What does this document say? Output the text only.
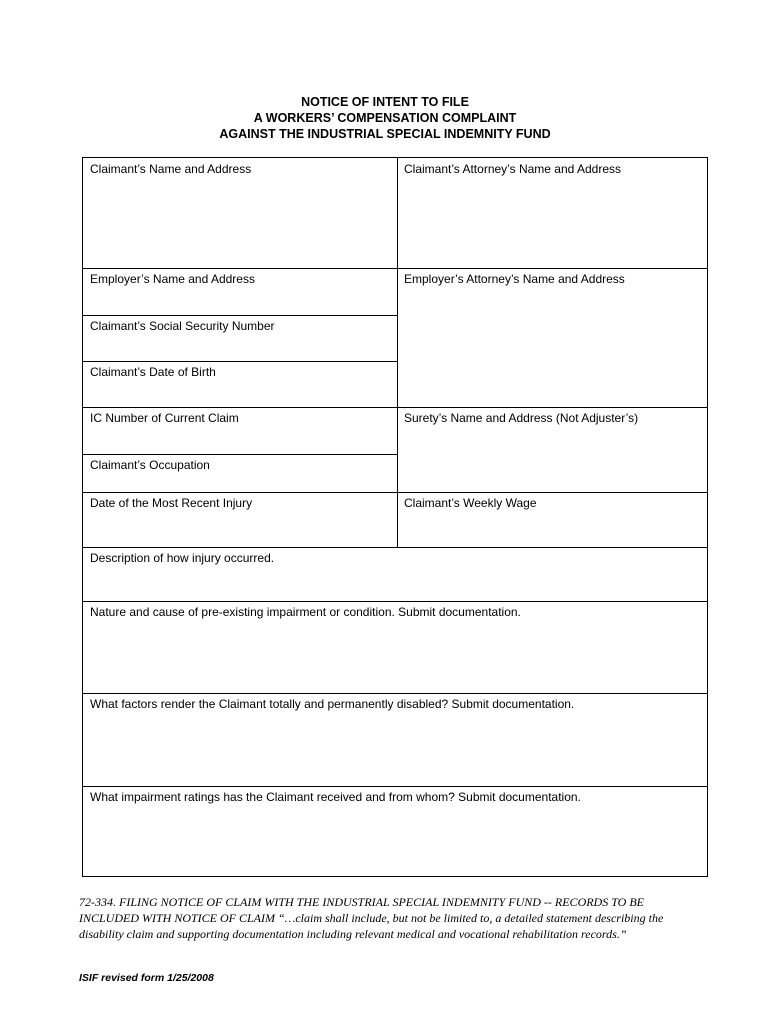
NOTICE OF INTENT TO FILE
A WORKERS’ COMPENSATION COMPLAINT
AGAINST THE INDUSTRIAL SPECIAL INDEMNITY FUND
Claimant’s Name and Address	Claimant’s Attorney’s Name and Address
Employer’s Name and Address	Employer’s Attorney’s Name and Address
Claimant’s Social Security Number
Claimant’s Date of Birth
IC Number of Current Claim	Surety’s Name and Address (Not Adjuster’s)
Claimant’s Occupation
Date of the Most Recent Injury	Claimant’s Weekly Wage
Description of how injury occurred.
Nature and cause of pre-existing impairment or condition. Submit documentation.
What factors render the Claimant totally and permanently disabled? Submit documentation.
What impairment ratings has the Claimant received and from whom? Submit documentation.
72-334. FILING NOTICE OF CLAIM WITH THE INDUSTRIAL SPECIAL INDEMNITY FUND -- RECORDS TO BE
INCLUDED WITH NOTICE OF CLAIM “…claim shall include, but not be limited to, a detailed statement describing the
disability claim and supporting documentation including relevant medical and vocational rehabilitation records.”
ISIF revised form 1/25/2008
